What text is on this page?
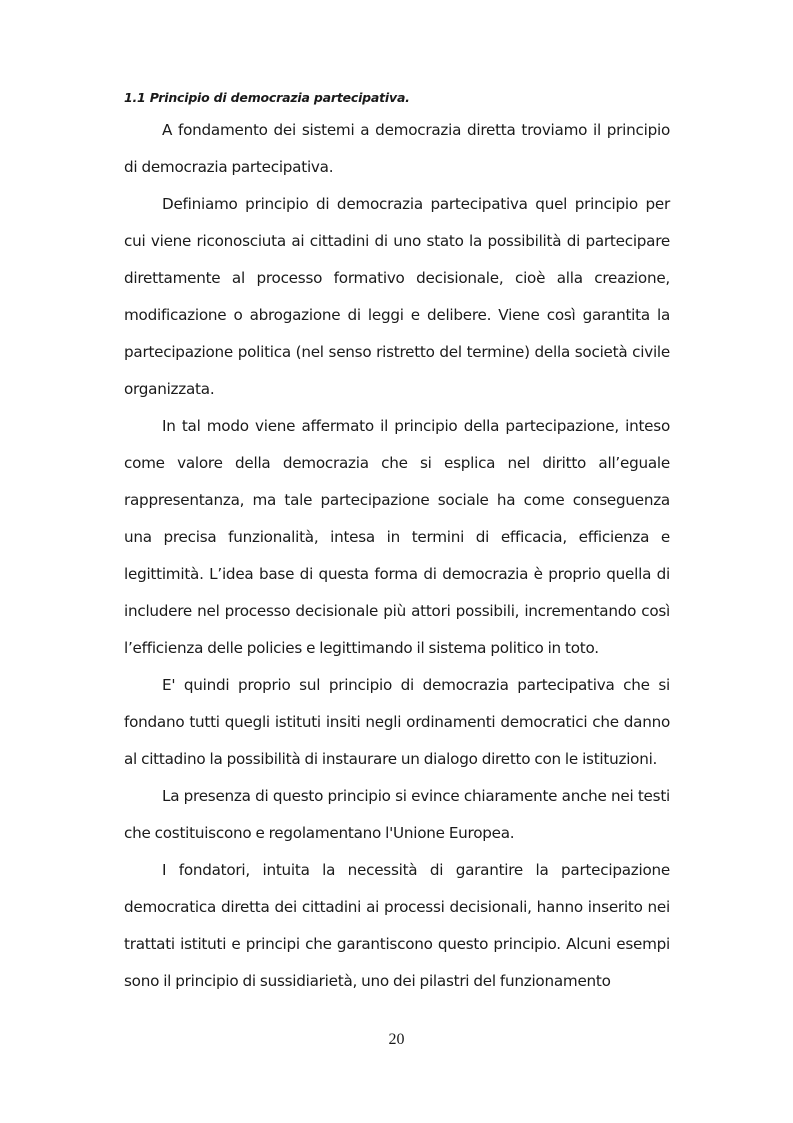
1.1 Principio di democrazia partecipativa.

A fondamento dei sistemi a democrazia diretta troviamo il principio di democrazia partecipativa.

Definiamo principio di democrazia partecipativa quel principio per cui viene riconosciuta ai cittadini di uno stato la possibilità di partecipare direttamente al processo formativo decisionale, cioè alla creazione, modificazione o abrogazione di leggi e delibere. Viene così garantita la partecipazione politica (nel senso ristretto del termine) della società civile organizzata.

In tal modo viene affermato il principio della partecipazione, inteso come valore della democrazia che si esplica nel diritto all’eguale rappresentanza, ma tale partecipazione sociale ha come conseguenza una precisa funzionalità, intesa in termini di efficacia, efficienza e legittimità. L’idea base di questa forma di democrazia è proprio quella di includere nel processo decisionale più attori possibili, incrementando così l’efficienza delle policies e legittimando il sistema politico in toto.

E' quindi proprio sul principio di democrazia partecipativa che si fondano tutti quegli istituti insiti negli ordinamenti democratici che danno al cittadino la possibilità di instaurare un dialogo diretto con le istituzioni.

La presenza di questo principio si evince chiaramente anche nei testi che costituiscono e regolamentano l'Unione Europea.

I fondatori, intuita la necessità di garantire la partecipazione democratica diretta dei cittadini ai processi decisionali, hanno inserito nei trattati istituti e principi che garantiscono questo principio. Alcuni esempi sono il principio di sussidiarietà, uno dei pilastri del funzionamento

20
